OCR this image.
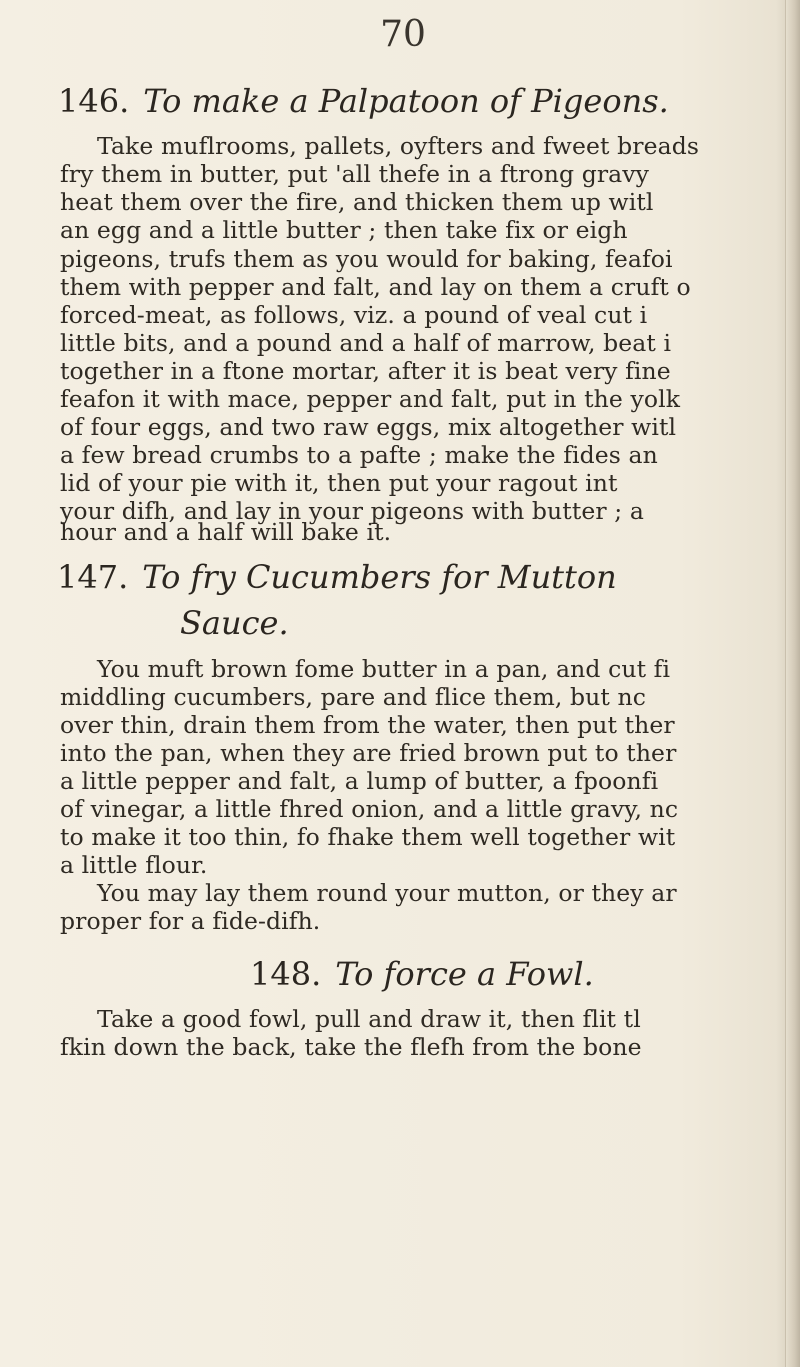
70
146. To make a Palpatoon of Pigeons.
Take muflrooms, pallets, oyfters and fweet breads
fry them in butter, put 'all thefe in a ftrong gravy
heat them over the fire, and thicken them up witl
an egg and a little butter ; then take fix or eigh
pigeons, trufs them as you would for baking, feafoi
them with pepper and falt, and lay on them a cruft o
forced-meat, as follows, viz. a pound of veal cut i
little bits, and a pound and a half of marrow, beat i
together in a ftone mortar, after it is beat very fine
feafon it with mace, pepper and falt, put in the yolk
of four eggs, and two raw eggs, mix altogether witl
a few bread crumbs to a pafte ; make the fides an
lid of your pie with it, then put your ragout int
your difh, and lay in your pigeons with butter ; a
hour and a half will bake it.
147. To fry Cucumbers for Mutton
Sauce.
You muft brown fome butter in a pan, and cut fi
middling cucumbers, pare and flice them, but nc
over thin, drain them from the water, then put ther
into the pan, when they are fried brown put to ther
a little pepper and falt, a lump of butter, a fpoonfi
of vinegar, a little fhred onion, and a little gravy, nc
to make it too thin, fo fhake them well together wit
a little flour.
You may lay them round your mutton, or they ar
proper for a fide-difh.
148. To force a Fowl.
Take a good fowl, pull and draw it, then flit tl
fkin down the back, take the flefh from the bone
